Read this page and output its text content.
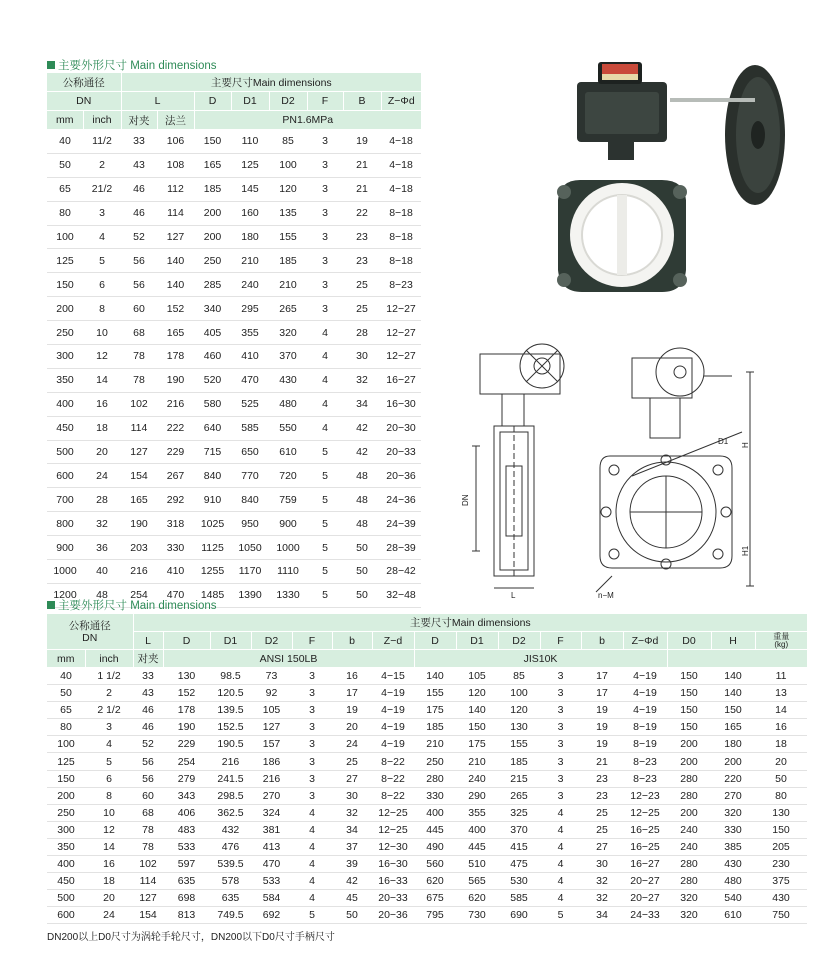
主要外形尺寸 Main dimensions
公称通径		主要尺寸Main dimensions							
DN		L		D	D1	D2	F	B	Z−Φd
mm	inch	对夹	法兰	PN1.6MPa					
40	11/2	33	106	150	110	85	3	19	4−18
50	2	43	108	165	125	100	3	21	4−18
65	21/2	46	112	185	145	120	3	21	4−18
80	3	46	114	200	160	135	3	22	8−18
100	4	52	127	200	180	155	3	23	8−18
125	5	56	140	250	210	185	3	23	8−18
150	6	56	140	285	240	210	3	25	8−23
200	8	60	152	340	295	265	3	25	12−27
250	10	68	165	405	355	320	4	28	12−27
300	12	78	178	460	410	370	4	30	12−27
350	14	78	190	520	470	430	4	32	16−27
400	16	102	216	580	525	480	4	34	16−30
450	18	114	222	640	585	550	4	42	20−30
500	20	127	229	715	650	610	5	42	20−33
600	24	154	267	840	770	720	5	48	20−36
700	28	165	292	910	840	759	5	48	24−36
800	32	190	318	1025	950	900	5	48	24−39
900	36	203	330	1125	1050	1000	5	50	28−39
1000	40	216	410	1255	1170	1110	5	50	28−42
1200	48	254	470	1485	1390	1330	5	50	32−48
DN
L
H
H1
D1
n−M
主要外形尺寸 Main dimensions
公称通径
DN		主要尺寸Main dimensions															
		L	D	D1	D2	F	b	Z−d	D	D1	D2	F	b	Z−Φd	D0	H	重量
(kg)

mm	inch	对夹	ANSI 150LB						JIS10K								
40	1 1/2	33	130	98.5	73	3	16	4−15	140	105	85	3	17	4−19	150	140	11
50	2	43	152	120.5	92	3	17	4−19	155	120	100	3	17	4−19	150	140	13
65	2 1/2	46	178	139.5	105	3	19	4−19	175	140	120	3	19	4−19	150	150	14
80	3	46	190	152.5	127	3	20	4−19	185	150	130	3	19	8−19	150	165	16
100	4	52	229	190.5	157	3	24	4−19	210	175	155	3	19	8−19	200	180	18
125	5	56	254	216	186	3	25	8−22	250	210	185	3	21	8−23	200	200	20
150	6	56	279	241.5	216	3	27	8−22	280	240	215	3	23	8−23	280	220	50
200	8	60	343	298.5	270	3	30	8−22	330	290	265	3	23	12−23	280	270	80
250	10	68	406	362.5	324	4	32	12−25	400	355	325	4	25	12−25	200	320	130
300	12	78	483	432	381	4	34	12−25	445	400	370	4	25	16−25	240	330	150
350	14	78	533	476	413	4	37	12−30	490	445	415	4	27	16−25	240	385	205
400	16	102	597	539.5	470	4	39	16−30	560	510	475	4	30	16−27	280	430	230
450	18	114	635	578	533	4	42	16−33	620	565	530	4	32	20−27	280	480	375
500	20	127	698	635	584	4	45	20−33	675	620	585	4	32	20−27	320	540	430
600	24	154	813	749.5	692	5	50	20−36	795	730	690	5	34	24−33	320	610	750
DN200以上D0尺寸为涡轮手轮尺寸，DN200以下D0尺寸手柄尺寸
